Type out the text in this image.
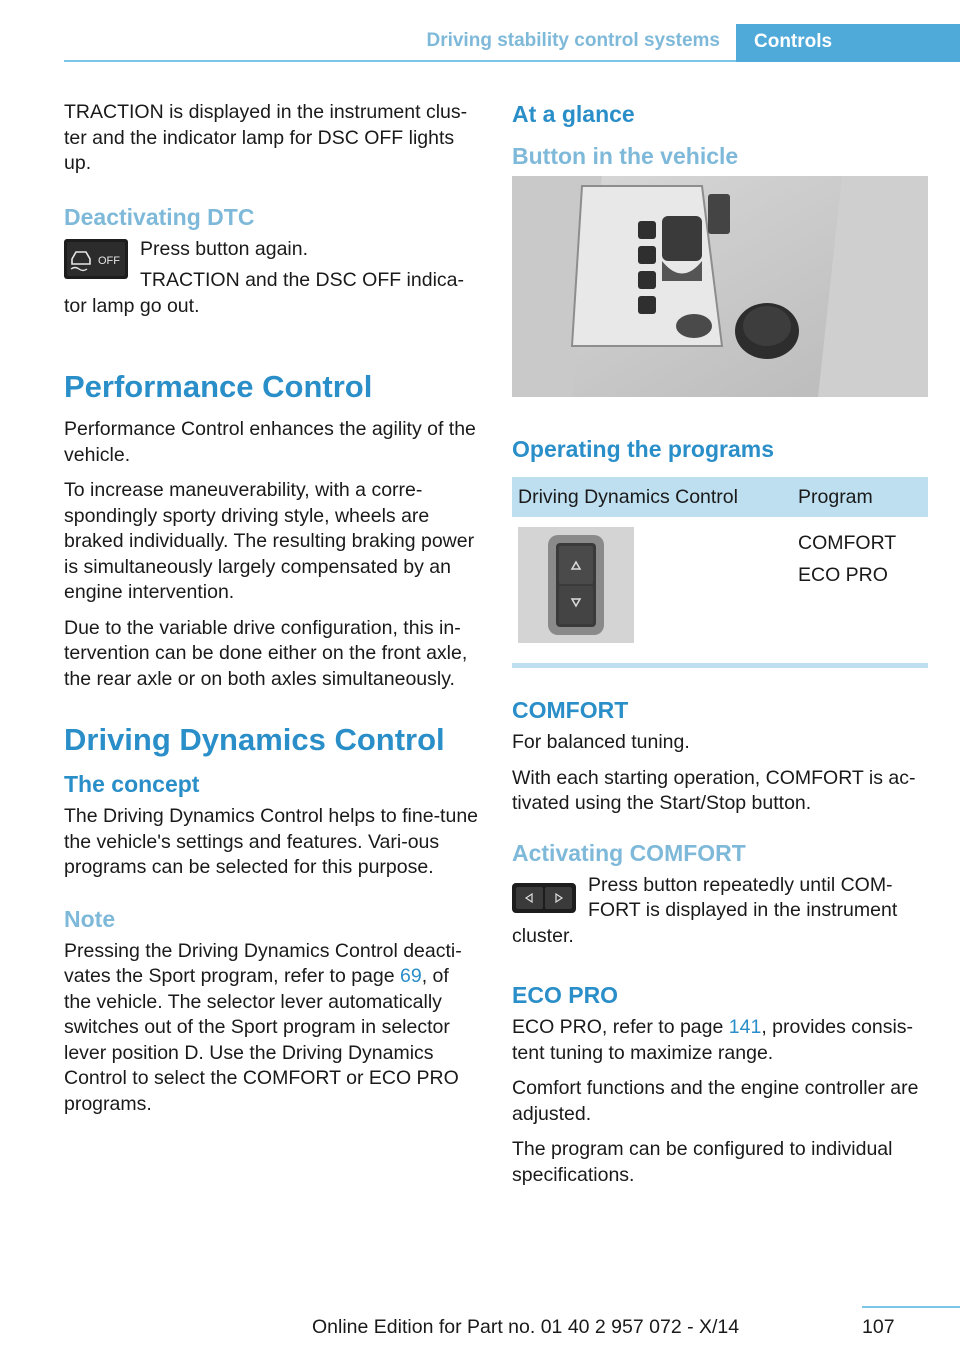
Driving stability control systems	Controls

TRACTION is displayed in the instrument clus-ter and the indicator lamp for DSC OFF lights up.

Deactivating DTC
OFF

Press button again.

TRACTION and the DSC OFF indica-tor lamp go out.

Performance Control

Performance Control enhances the agility of the vehicle.

To increase maneuverability, with a corre-spondingly sporty driving style, wheels are braked individually. The resulting braking power is simultaneously largely compensated by an engine intervention.

Due to the variable drive configuration, this in-tervention can be done either on the front axle, the rear axle or on both axles simultaneously.

Driving Dynamics Control
The concept

The Driving Dynamics Control helps to fine-tune the vehicle's settings and features. Vari-ous programs can be selected for this purpose.

Note

Pressing the Driving Dynamics Control deacti-vates the Sport program, refer to page 69, of the vehicle. The selector lever automatically switches out of the Sport program in selector lever position D. Use the Driving Dynamics Control to select the COMFORT or ECO PRO programs.

At a glance
Button in the vehicle
Operating the programs
Driving Dynamics Control	Program

COMFORT
ECO PRO
COMFORT

For balanced tuning.

With each starting operation, COMFORT is ac-tivated using the Start/Stop button.

Activating COMFORT

Press button repeatedly until COM-FORT is displayed in the instrument cluster.

ECO PRO

ECO PRO, refer to page 141, provides consis-tent tuning to maximize range.

Comfort functions and the engine controller are adjusted.

The program can be configured to individual specifications.

107
Online Edition for Part no. 01 40 2 957 072 - X/14
